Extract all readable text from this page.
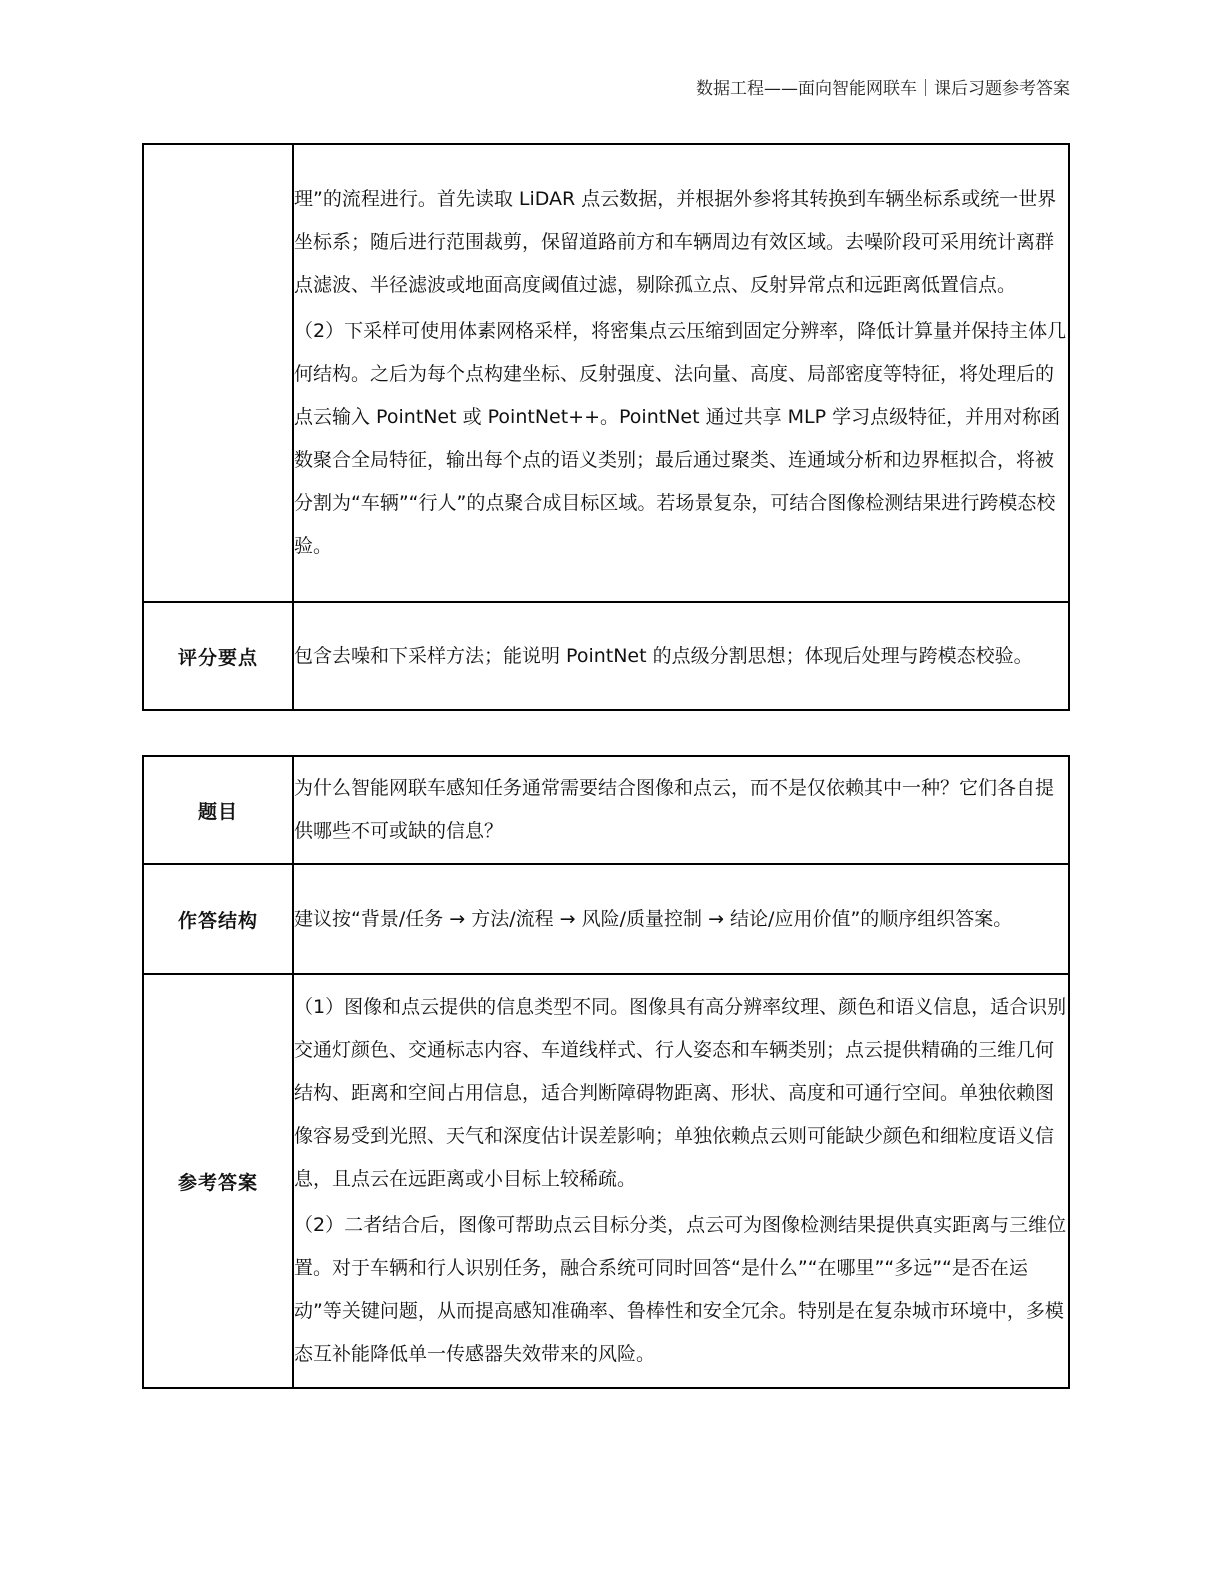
数据工程——面向智能网联车｜课后习题参考答案

	理”的流程进行。首先读取 LiDAR 点云数据，并根据外参将其转换到车辆坐标系或统一世界坐标系；随后进行范围裁剪，保留道路前方和车辆周边有效区域。去噪阶段可采用统计离群点滤波、半径滤波或地面高度阈值过滤，剔除孤立点、反射异常点和远距离低置信点。

（2）下采样可使用体素网格采样，将密集点云压缩到固定分辨率，降低计算量并保持主体几何结构。之后为每个点构建坐标、反射强度、法向量、高度、局部密度等特征，将处理后的点云输入 PointNet 或 PointNet++。PointNet 通过共享 MLP 学习点级特征，并用对称函数聚合全局特征，输出每个点的语义类别；最后通过聚类、连通域分析和边界框拟合，将被分割为“车辆”“行人”的点聚合成目标区域。若场景复杂，可结合图像检测结果进行跨模态校验。

评分要点	包含去噪和下采样方法；能说明 PointNet 的点级分割思想；体现后处理与跨模态校验。
题目	为什么智能网联车感知任务通常需要结合图像和点云，而不是仅依赖其中一种？它们各自提供哪些不可或缺的信息？
作答结构	建议按“背景/任务 → 方法/流程 → 风险/质量控制 → 结论/应用价值”的顺序组织答案。
参考答案	（1）图像和点云提供的信息类型不同。图像具有高分辨率纹理、颜色和语义信息，适合识别交通灯颜色、交通标志内容、车道线样式、行人姿态和车辆类别；点云提供精确的三维几何结构、距离和空间占用信息，适合判断障碍物距离、形状、高度和可通行空间。单独依赖图像容易受到光照、天气和深度估计误差影响；单独依赖点云则可能缺少颜色和细粒度语义信息，且点云在远距离或小目标上较稀疏。

（2）二者结合后，图像可帮助点云目标分类，点云可为图像检测结果提供真实距离与三维位置。对于车辆和行人识别任务，融合系统可同时回答“是什么”“在哪里”“多远”“是否在运动”等关键问题，从而提高感知准确率、鲁棒性和安全冗余。特别是在复杂城市环境中，多模态互补能降低单一传感器失效带来的风险。
